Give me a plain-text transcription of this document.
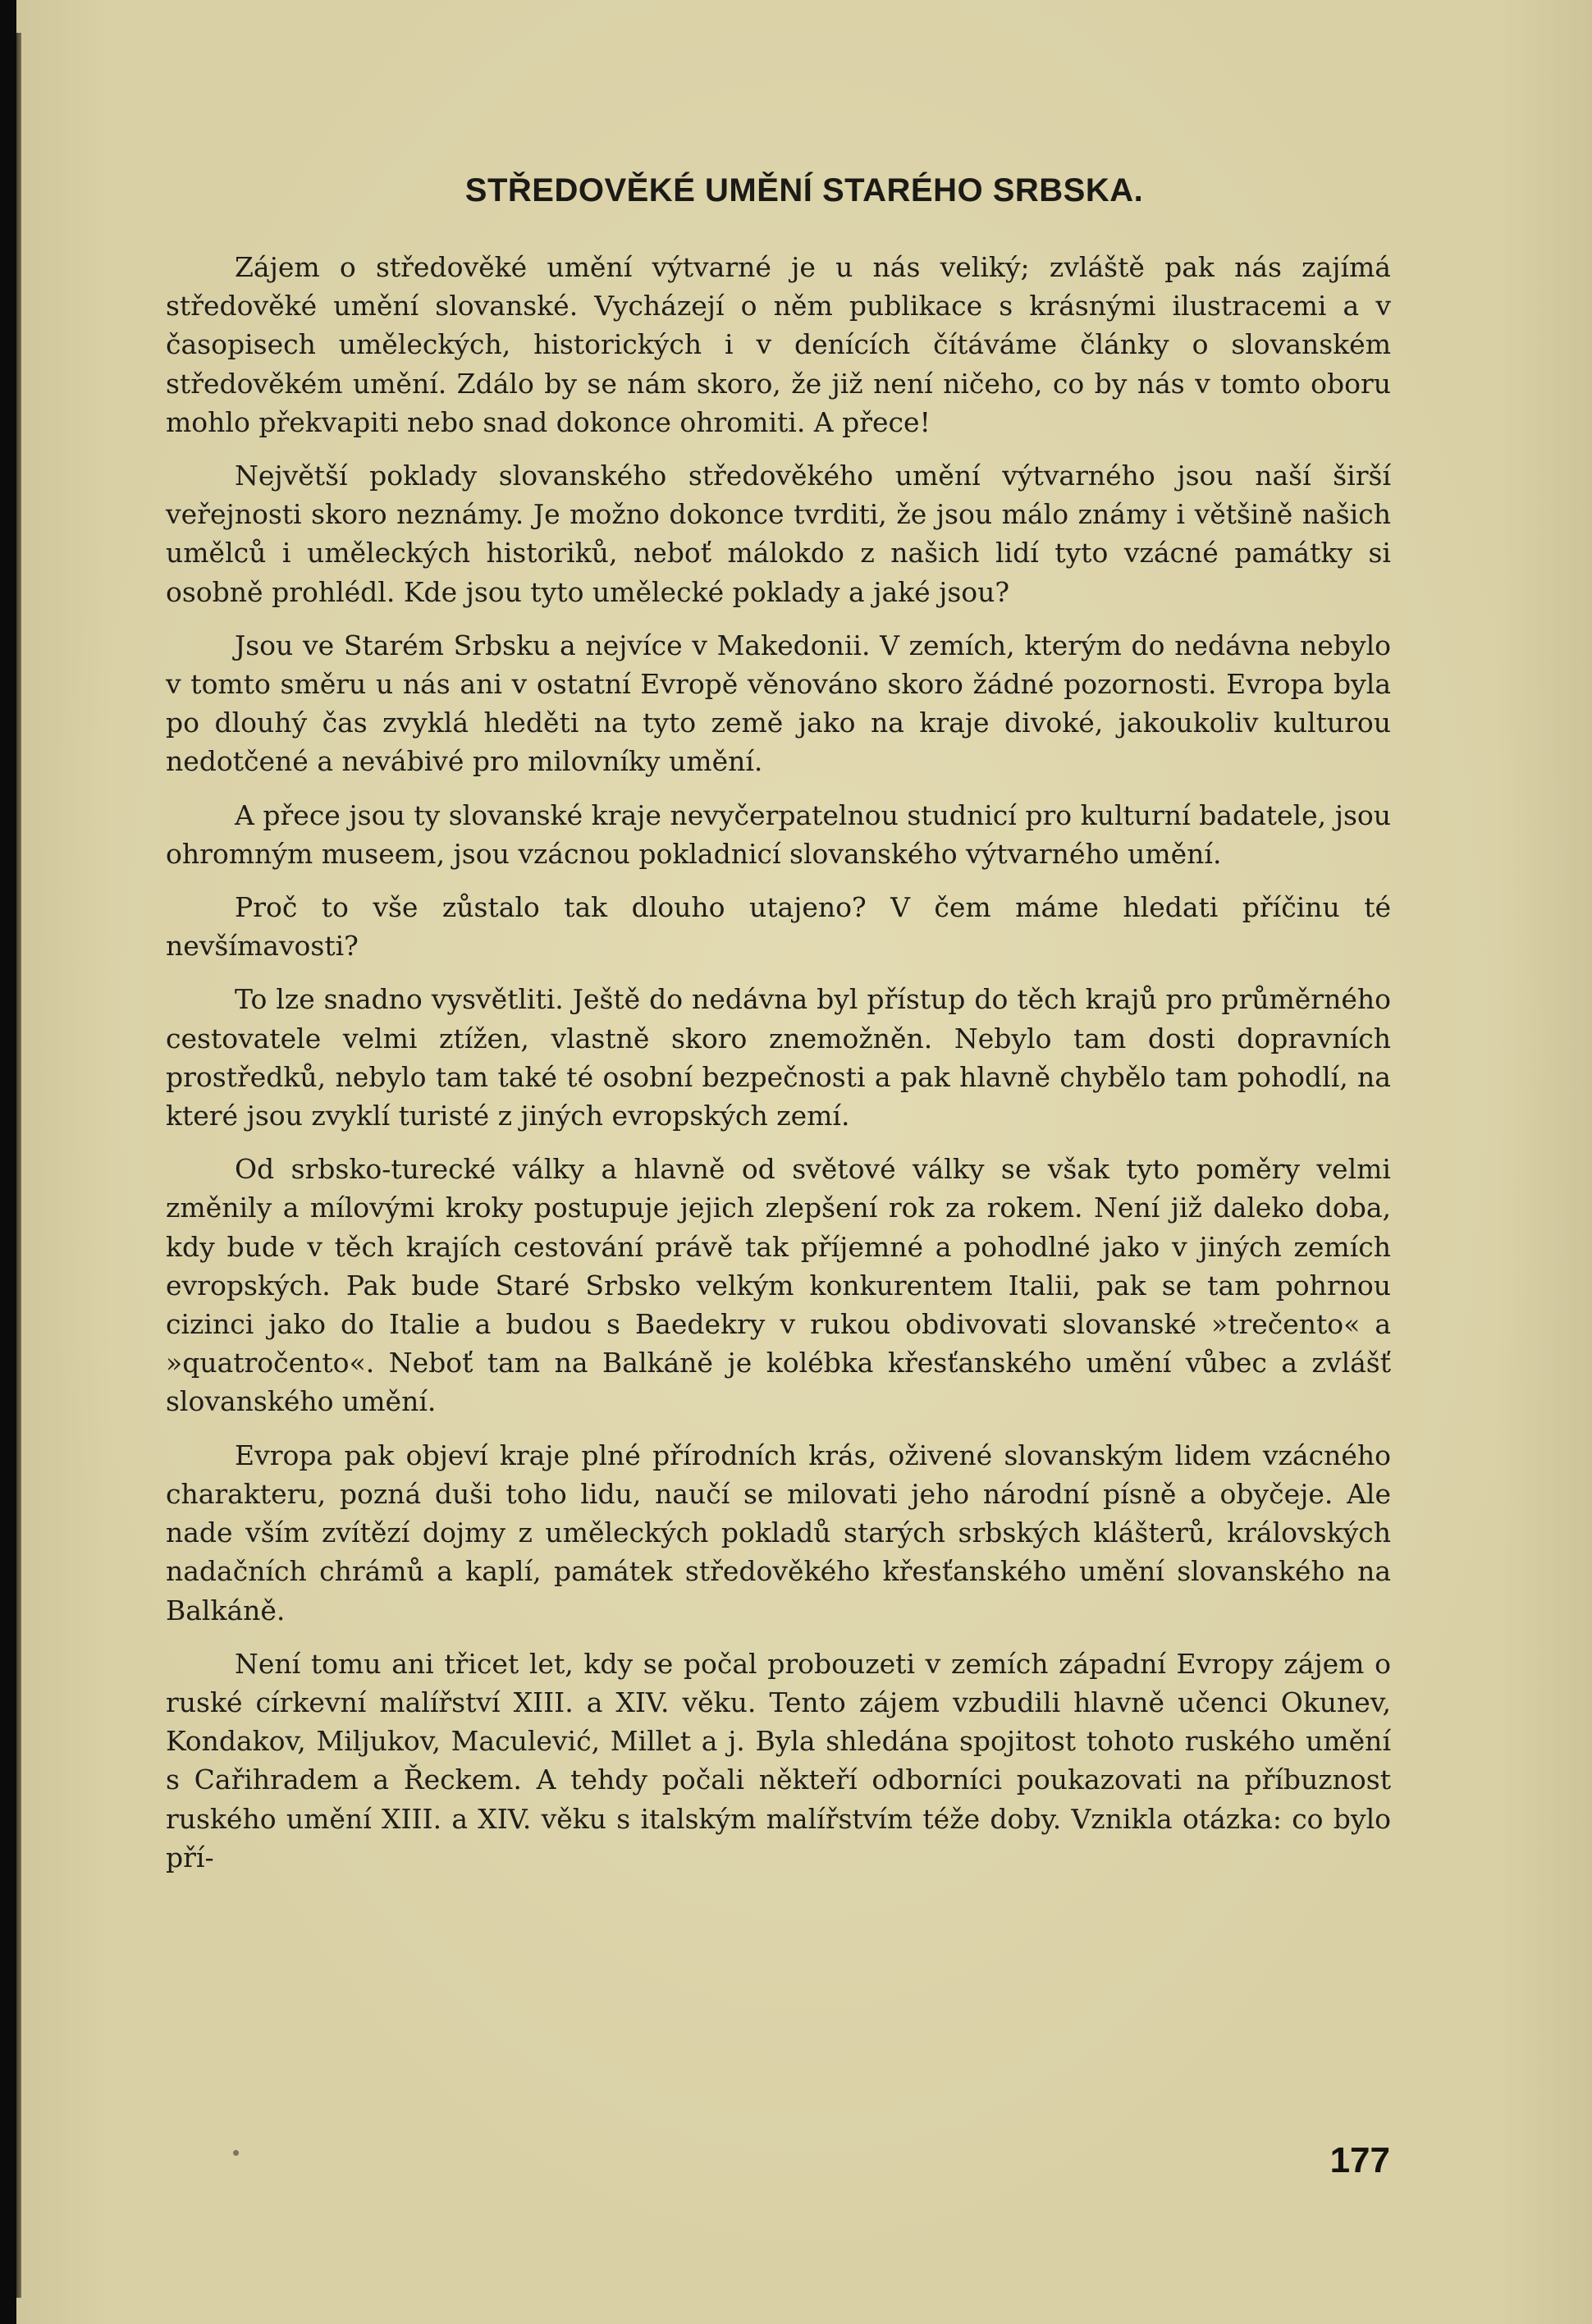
STŘEDOVĚKÉ UMĚNÍ STARÉHO SRBSKA.

Zájem o středověké umění výtvarné je u nás veliký; zvláště pak nás zajímá středověké umění slovanské. Vycházejí o něm publikace s krásnými ilustracemi a v časopisech uměleckých, historických i v denících čítáváme články o slovanském středověkém umění. Zdálo by se nám skoro, že již není ničeho, co by nás v tomto oboru mohlo překvapiti nebo snad dokonce ohromiti. A přece!

Největší poklady slovanského středověkého umění výtvarného jsou naší širší veřejnosti skoro neznámy. Je možno dokonce tvrditi, že jsou málo známy i většině našich umělců i uměleckých historiků, neboť málokdo z našich lidí tyto vzácné památky si osobně prohlédl. Kde jsou tyto umělecké poklady a jaké jsou?

Jsou ve Starém Srbsku a nejvíce v Makedonii. V zemích, kterým do nedávna nebylo v tomto směru u nás ani v ostatní Evropě věnováno skoro žádné pozornosti. Evropa byla po dlouhý čas zvyklá hleděti na tyto země jako na kraje divoké, jakoukoliv kulturou nedotčené a nevábivé pro milovníky umění.

A přece jsou ty slovanské kraje nevyčerpatelnou studnicí pro kulturní badatele, jsou ohromným museem, jsou vzácnou pokladnicí slovanského výtvarného umění.

Proč to vše zůstalo tak dlouho utajeno? V čem máme hledati příčinu té nevšímavosti?

To lze snadno vysvětliti. Ještě do nedávna byl přístup do těch krajů pro průměrného cestovatele velmi ztížen, vlastně skoro znemožněn. Nebylo tam dosti dopravních prostředků, nebylo tam také té osobní bezpečnosti a pak hlavně chybělo tam pohodlí, na které jsou zvyklí turisté z jiných evropských zemí.

Od srbsko-turecké války a hlavně od světové války se však tyto poměry velmi změnily a mílovými kroky postupuje jejich zlepšení rok za rokem. Není již daleko doba, kdy bude v těch krajích cestování právě tak příjemné a pohodlné jako v jiných zemích evropských. Pak bude Staré Srbsko velkým konkurentem Italii, pak se tam pohrnou cizinci jako do Italie a budou s Baedekry v rukou obdivovati slovanské »trečento« a »quatročento«. Neboť tam na Balkáně je kolébka křesťanského umění vůbec a zvlášť slovanského umění.

Evropa pak objeví kraje plné přírodních krás, oživené slovanským lidem vzácného charakteru, pozná duši toho lidu, naučí se milovati jeho národní písně a obyčeje. Ale nade vším zvítězí dojmy z uměleckých pokladů starých srbských klášterů, královských nadačních chrámů a kaplí, památek středověkého křesťanského umění slovanského na Balkáně.

Není tomu ani třicet let, kdy se počal probouzeti v zemích západní Evropy zájem o ruské církevní malířství XIII. a XIV. věku. Tento zájem vzbudili hlavně učenci Okunev, Kondakov, Miljukov, Maculević, Millet a j. Byla shledána spojitost tohoto ruského umění s Cařihradem a Řeckem. A tehdy počali někteří odborníci poukazovati na příbuznost ruského umění XIII. a XIV. věku s italským malířstvím téže doby. Vznikla otázka: co bylo pří-

177
